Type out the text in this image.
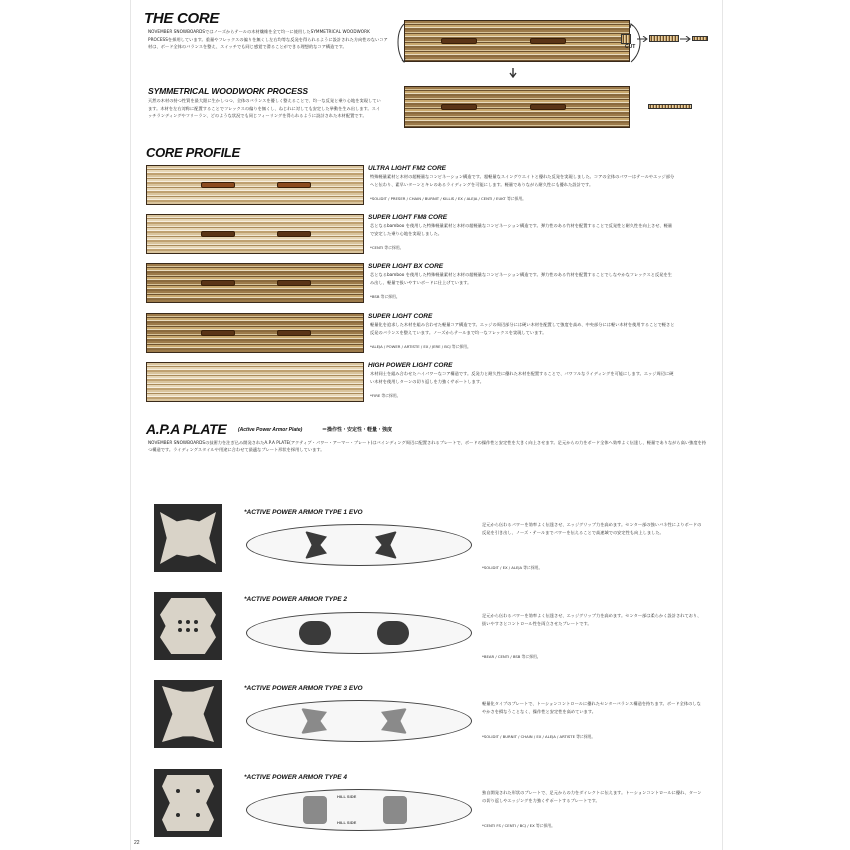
THE CORE
NOVEMBER SNOWBOARDSではノーズからテールの木材繊維を全て均一に使用したSYMMETRICAL WOODWORK PROCESSを採用しています。重量やフレックスの偏りを無くし左右均等な反発を得られるように設計された方向性のないコア材は、ボード全体のバランスを整え、スイッチでも同じ感覚で滑ることができる理想的なコア構造です。	CUT
SYMMETRICAL WOODWORK PROCESS
天然の木材の持つ性質を最大限に生かしつつ、全体のバランスを優しく整えることで、均一な反発と乗り心地を実現しています。木材を左右対称に配置することでフレックスの偏りを無くし、ねじれに対しても安定した挙動を生み出します。スイッチランディングやフリーラン、どのような状況でも同じフィーリングを得られるように設計された木材配置です。
CORE PROFILE
ULTRA LIGHT FM2 CORE
特殊軽量素材と木材の超軽量なコンビネーション構造です。超軽量なスイングウエイトと優れた反発を実現しました。コアの全体のパワーはテールやエッジ部分へと伝わり、素早いターンとキレのあるライディングを可能にします。軽量でありながら耐久性にも優れた設計です。
*SOLIDIT / PRESER / CHAIN / BURNIT / KILLIS / EX / ALEJA / CENTI / EUKT 等に採用。
SUPER LIGHT FM8 CORE
芯となるbamboo を使用した特殊軽量素材と木材の超軽量なコンビネーション構造です。弾力性のある竹材を配置することで反発性と耐久性を向上させ、軽量で安定した乗り心地を実現しました。
*CENTI 等に採用。
SUPER LIGHT BX CORE
芯となるbamboo を使用した特殊軽量素材と木材の超軽量なコンビネーション構造です。弾力性のある竹材を配置することでしなやかなフレックスと反発を生み出し、軽量で扱いやすいボードに仕上げています。
*BSB 等に採用。
SUPER LIGHT CORE
軽量化を追求した木材を組み合わせた軽量コア構造です。エッジの周辺部分には硬い木材を配置して強度を高め、中央部分には軽い木材を使用することで軽さと反発のバランスを整えています。ノーズからテールまで均一なフレックスを実現しています。
*ALEJA / POWER / ARTISTE / EX / JERE / BCJ 等に採用。
HIGH POWER LIGHT CORE
木材同士を組み合わせたハイパワーなコア構造です。反発力と耐久性に優れた木材を配置することで、パワフルなライディングを可能にします。エッジ周辺に硬い木材を使用しターンの切り返しを力強くサポートします。
*FIRE 等に採用。
A.P.A PLATE (Active Power Armor Plate)	＝操作性・安定性・軽量・強度
NOVEMBER SNOWBOARDSの技術力を注ぎ込み開発されたA.P.A PLATE(アクティブ・パワー・アーマー・プレート)はバインディング周辺に配置されるプレートで、ボードの操作性と安定性を大きく向上させます。足元からの力をボード全体へ効率よく伝達し、軽量でありながら高い強度を持つ構造です。ライディングスタイルや用途に合わせて最適なプレート形状を採用しています。
*ACTIVE POWER ARMOR TYPE 1 EVO
足元から伝わるパワーを効率よく伝達させ、エッジグリップ力を高めます。センター部の強いバネ性によりボードの反発を引き出し、ノーズ・テールまでパワーを伝えることで高速域での安定性も向上しました。
*SOLIDIT / EX / ALEJA 等に採用。
*ACTIVE POWER ARMOR TYPE 2
足元から伝わるパワーを効率よく伝達させ、エッジグリップ力を高めます。センター部は柔らかく設計されており、扱いやすさとコントロール性を両立させたプレートです。
*BEAR / CENTI / BSB 等に採用。
*ACTIVE POWER ARMOR TYPE 3 EVO
軽量化タイプのプレートで、トーションコントロールに優れたセンターバランス構造を持ちます。ボード全体のしなやかさを損なうことなく、操作性と安定性を高めています。
*SOLIDIT / BURNIT / CHAIN / EX / ALEJA / ARTISTE 等に採用。
*ACTIVE POWER ARMOR TYPE 4
HILL SIDE
HILL SIDE
独自開発された形状のプレートで、足元からの力をダイレクトに伝えます。トーションコントロールに優れ、ターンの切り返しやエッジングを力強くサポートするプレートです。
*CENTI FS / CENTI / BCJ / EX 等に採用。
22
